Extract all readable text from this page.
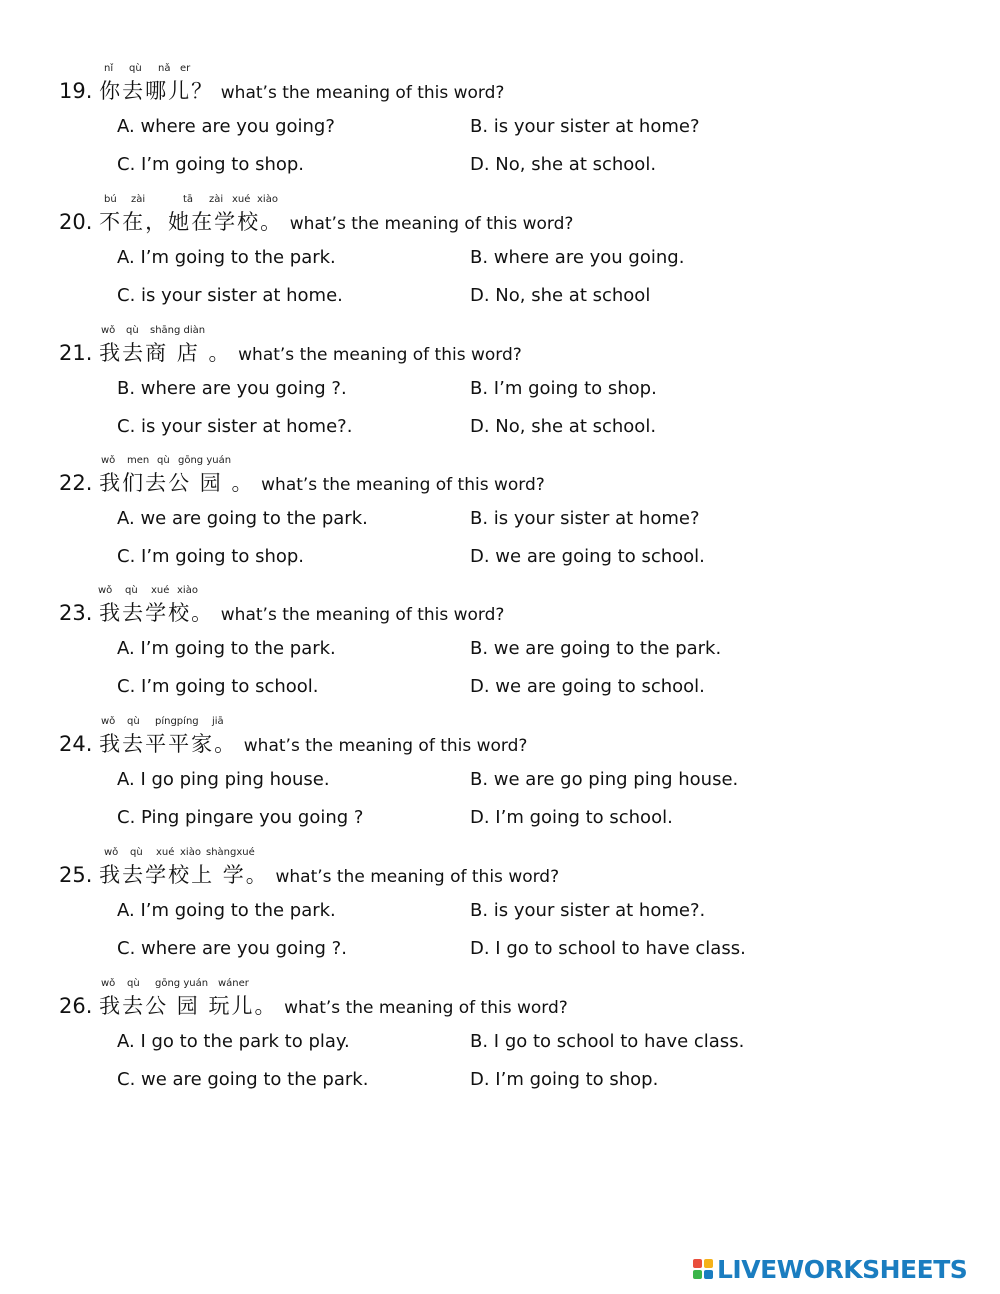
nǐ qù nǎ er
19. 你去哪儿？ what’s the meaning of this word?
A. where are you going?	B. is your sister at home?
C. I’m going to shop.	D. No, she at school.
bú zài	tā zài xué xiào
20. 不在，她在学校。 what’s the meaning of this word?
A. I’m going to the park.	B. where are you going.
C. is your sister at home.	D. No, she at school
wǒ qù shāng diàn
21. 我去商 店 。 what’s the meaning of this word?
B. where are you going ?.	B. I’m going to shop.
C. is your sister at home?.	D. No, she at school.
wǒ men qù gōng yuán
22. 我们去公 园 。 what’s the meaning of this word?
A. we are going to the park.	B. is your sister at home?
C. I’m going to shop.	D. we are going to school.
wǒ qù xué xiào
23. 我去学校。 what’s the meaning of this word?
A. I’m going to the park.	B. we are going to the park.
C. I’m going to school.	D. we are going to school.
wǒ qù píngpíng jiā
24. 我去平平家。 what’s the meaning of this word?
A. I go ping ping house.	B. we are go ping ping house.
C. Ping pingare you going ?	D. I’m going to school.
wǒ qù xué xiào shàngxué
25. 我去学校上 学。 what’s the meaning of this word?
A. I’m going to the park.	B. is your sister at home?.
C. where are you going ?.	D. I go to school to have class.
wǒ qù gōng yuán wáner
26. 我去公 园 玩儿。 what’s the meaning of this word?
A. I go to the park to play.	B. I go to school to have class.
C. we are going to the park.	D. I’m going to shop.
LIVEWORKSHEETS
